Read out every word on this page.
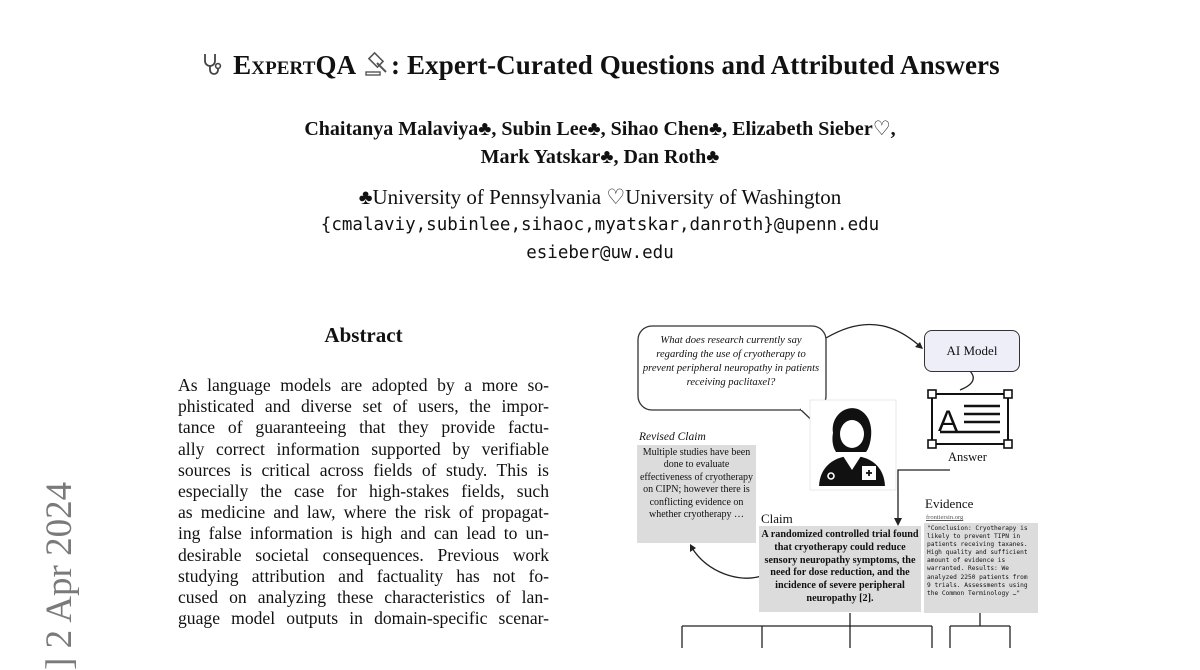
ExpertQA : Expert-Curated Questions and Attributed Answers
Chaitanya Malaviya♣, Subin Lee♣, Sihao Chen♣, Elizabeth Sieber♡,
Mark Yatskar♣, Dan Roth♣
♣University of Pennsylvania ♡University of Washington
{cmalaviy,subinlee,sihaoc,myatskar,danroth}@upenn.edu
esieber@uw.edu
] 2 Apr 2024
Abstract
As language models are adopted by a more so-
phisticated and diverse set of users, the impor-
tance of guaranteeing that they provide factu-
ally correct information supported by verifiable
sources is critical across fields of study. This is
especially the case for high-stakes fields, such
as medicine and law, where the risk of propagat-
ing false information is high and can lead to un-
desirable societal consequences. Previous work
studying attribution and factuality has not fo-
cused on analyzing these characteristics of lan-
guage model outputs in domain-specific scenar-
A
What does research currently say regarding the use of cryotherapy to prevent peripheral neuropathy in patients receiving paclitaxel?
AI Model
Answer
Revised Claim
Multiple studies have been done to evaluate effectiveness of cryotherapy on CIPN; however there is conflicting evidence on whether cryotherapy …	Claim
A randomized controlled trial found that cryotherapy could reduce sensory neuropathy symptoms, the need for dose reduction, and the incidence of severe peripheral neuropathy [2].
Evidence
frontiersin.org
"Conclusion: Cryotherapy is likely to prevent TIPN in patients receiving taxanes. High quality and sufficient amount of evidence is warranted. Results: We analyzed 2250 patients from 9 trials. Assessments using the Common Terminology …"
